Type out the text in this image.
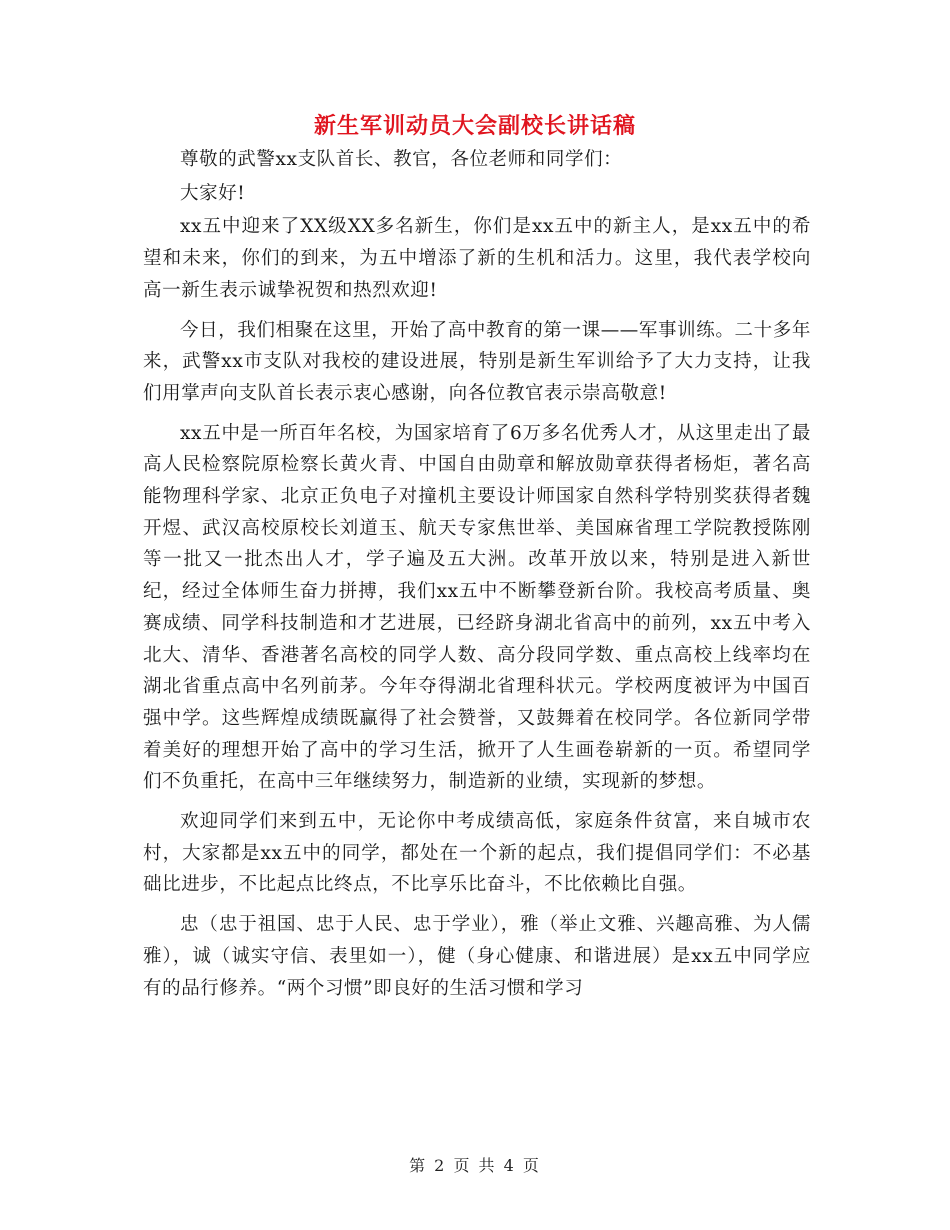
新生军训动员大会副校长讲话稿

尊敬的武警xx支队首长、教官，各位老师和同学们：

大家好!

xx五中迎来了XX级XX多名新生，你们是xx五中的新主人，是xx五中的希望和未来，你们的到来，为五中增添了新的生机和活力。这里，我代表学校向高一新生表示诚挚祝贺和热烈欢迎!

今日，我们相聚在这里，开始了高中教育的第一课——军事训练。二十多年来，武警xx市支队对我校的建设进展，特别是新生军训给予了大力支持，让我们用掌声向支队首长表示衷心感谢，向各位教官表示崇高敬意!

xx五中是一所百年名校，为国家培育了6万多名优秀人才，从这里走出了最高人民检察院原检察长黄火青、中国自由勋章和解放勋章获得者杨炬，著名高能物理科学家、北京正负电子对撞机主要设计师国家自然科学特别奖获得者魏开煜、武汉高校原校长刘道玉、航天专家焦世举、美国麻省理工学院教授陈刚等一批又一批杰出人才，学子遍及五大洲。改革开放以来，特别是进入新世纪，经过全体师生奋力拼搏，我们xx五中不断攀登新台阶。我校高考质量、奥赛成绩、同学科技制造和才艺进展，已经跻身湖北省高中的前列，xx五中考入北大、清华、香港著名高校的同学人数、高分段同学数、重点高校上线率均在湖北省重点高中名列前茅。今年夺得湖北省理科状元。学校两度被评为中国百强中学。这些辉煌成绩既赢得了社会赞誉，又鼓舞着在校同学。各位新同学带着美好的理想开始了高中的学习生活，掀开了人生画卷崭新的一页。希望同学们不负重托，在高中三年继续努力，制造新的业绩，实现新的梦想。

欢迎同学们来到五中，无论你中考成绩高低，家庭条件贫富，来自城市农村，大家都是xx五中的同学，都处在一个新的起点，我们提倡同学们：不必基础比进步，不比起点比终点，不比享乐比奋斗，不比依赖比自强。

忠（忠于祖国、忠于人民、忠于学业），雅（举止文雅、兴趣高雅、为人儒雅），诚（诚实守信、表里如一），健（身心健康、和谐进展）是xx五中同学应有的品行修养。“两个习惯”即良好的生活习惯和学习

第 2 页 共 4 页
